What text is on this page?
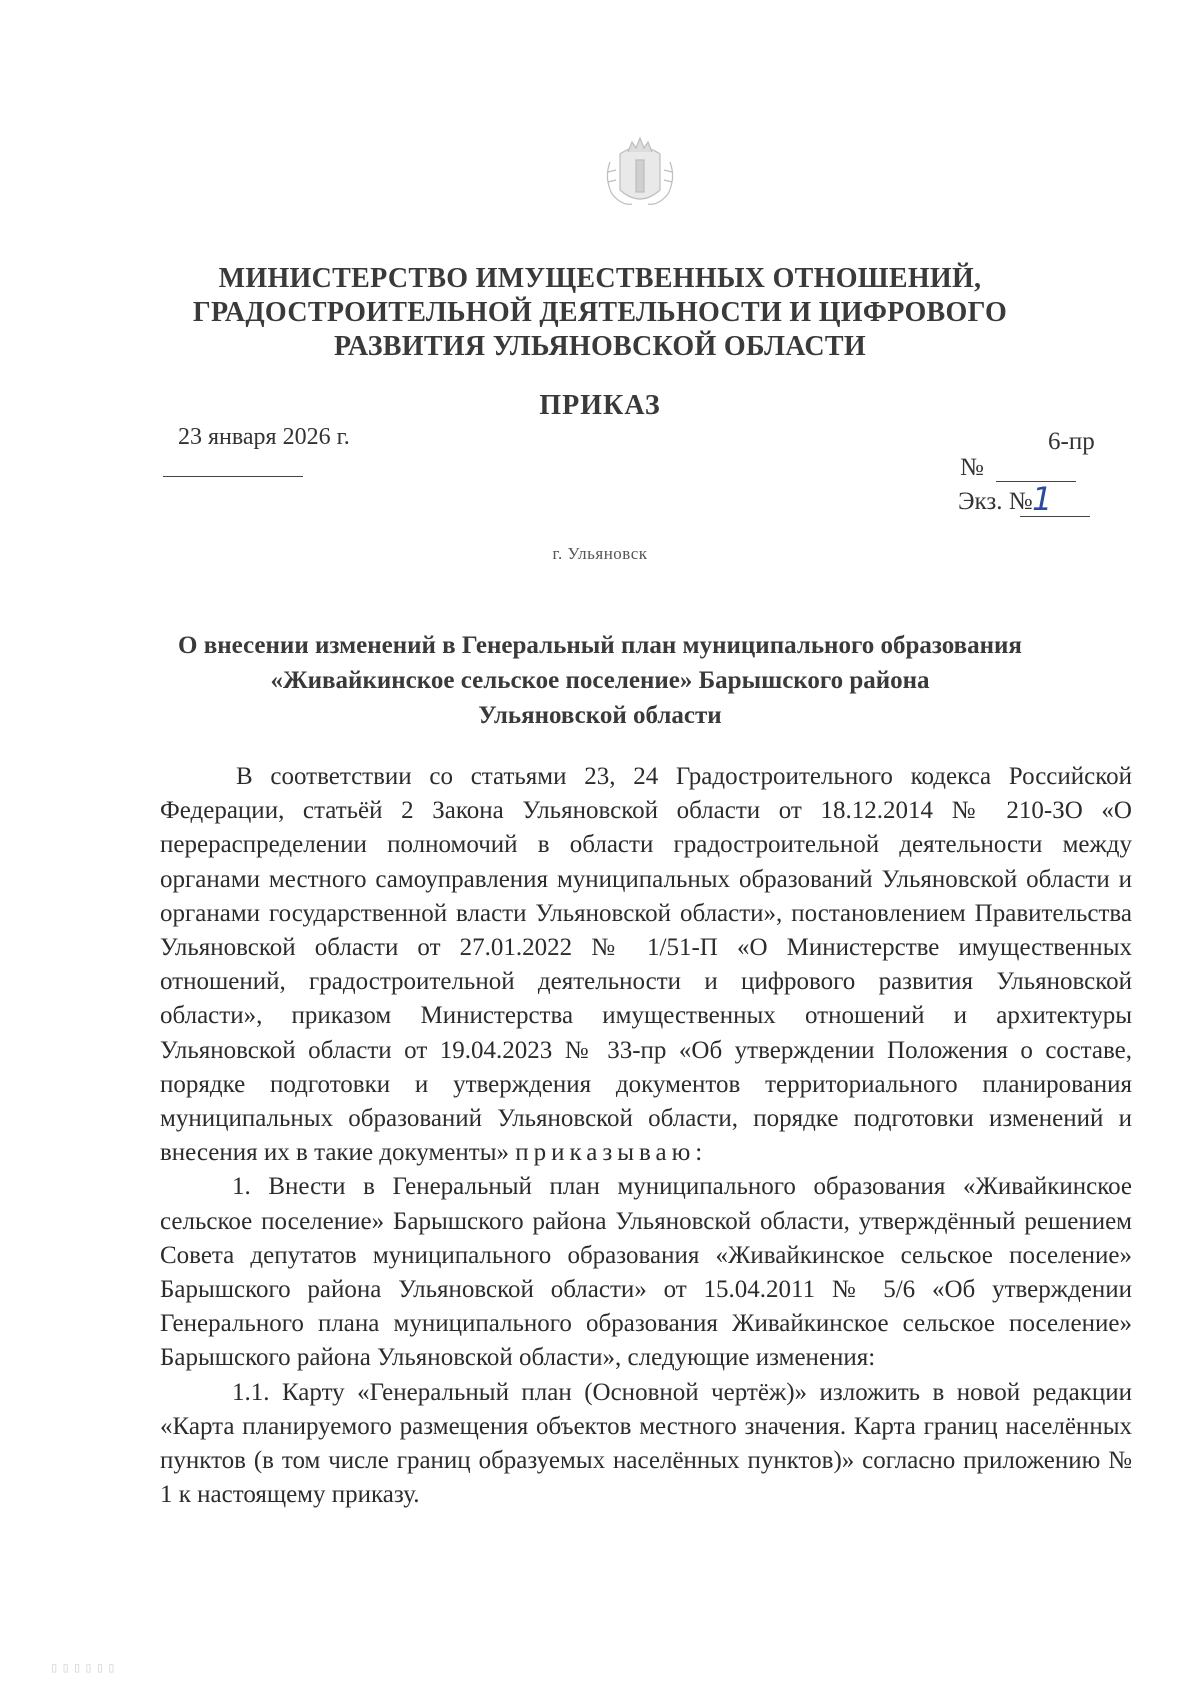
МИНИСТЕРСТВО ИМУЩЕСТВЕННЫХ ОТНОШЕНИЙ,
ГРАДОСТРОИТЕЛЬНОЙ ДЕЯТЕЛЬНОСТИ И ЦИФРОВОГО
РАЗВИТИЯ УЛЬЯНОВСКОЙ ОБЛАСТИ
ПРИКАЗ
23 января 2026 г.	6-пр
№
Экз. № 1
г. Ульяновск
О внесении изменений в Генеральный план муниципального образования
«Живайкинское сельское поселение» Барышского района
Ульяновской области

В соответствии со статьями 23, 24 Градостроительного кодекса Российской Федерации, статьёй 2 Закона Ульяновской области от 18.12.2014 № 210-ЗО «О перераспределении полномочий в области градостроительной деятельности между органами местного самоуправления муниципальных образований Ульяновской области и органами государственной власти Ульяновской области», постановлением Правительства Ульяновской области от 27.01.2022 № 1/51-П «О Министерстве имущественных отношений, градостроительной деятельности и цифрового развития Ульяновской области», приказом Министерства имущественных отношений и архитектуры Ульяновской области от 19.04.2023 № 33-пр «Об утверждении Положения о составе, порядке подготовки и утверждения документов территориального планирования муниципальных образований Ульяновской области, порядке подготовки изменений и внесения их в такие документы» приказываю:

1. Внести в Генеральный план муниципального образования «Живайкинское сельское поселение» Барышского района Ульяновской области, утверждённый решением Совета депутатов муниципального образования «Живайкинское сельское поселение» Барышского района Ульяновской области» от 15.04.2011 № 5/6 «Об утверждении Генерального плана муниципального образования Живайкинское сельское поселение» Барышского района Ульяновской области», следующие изменения:

1.1. Карту «Генеральный план (Основной чертёж)» изложить в новой редакции «Карта планируемого размещения объектов местного значения. Карта границ населённых пунктов (в том числе границ образуемых населённых пунктов)» согласно приложению № 1 к настоящему приказу.

▯▯▯▯▯▯
